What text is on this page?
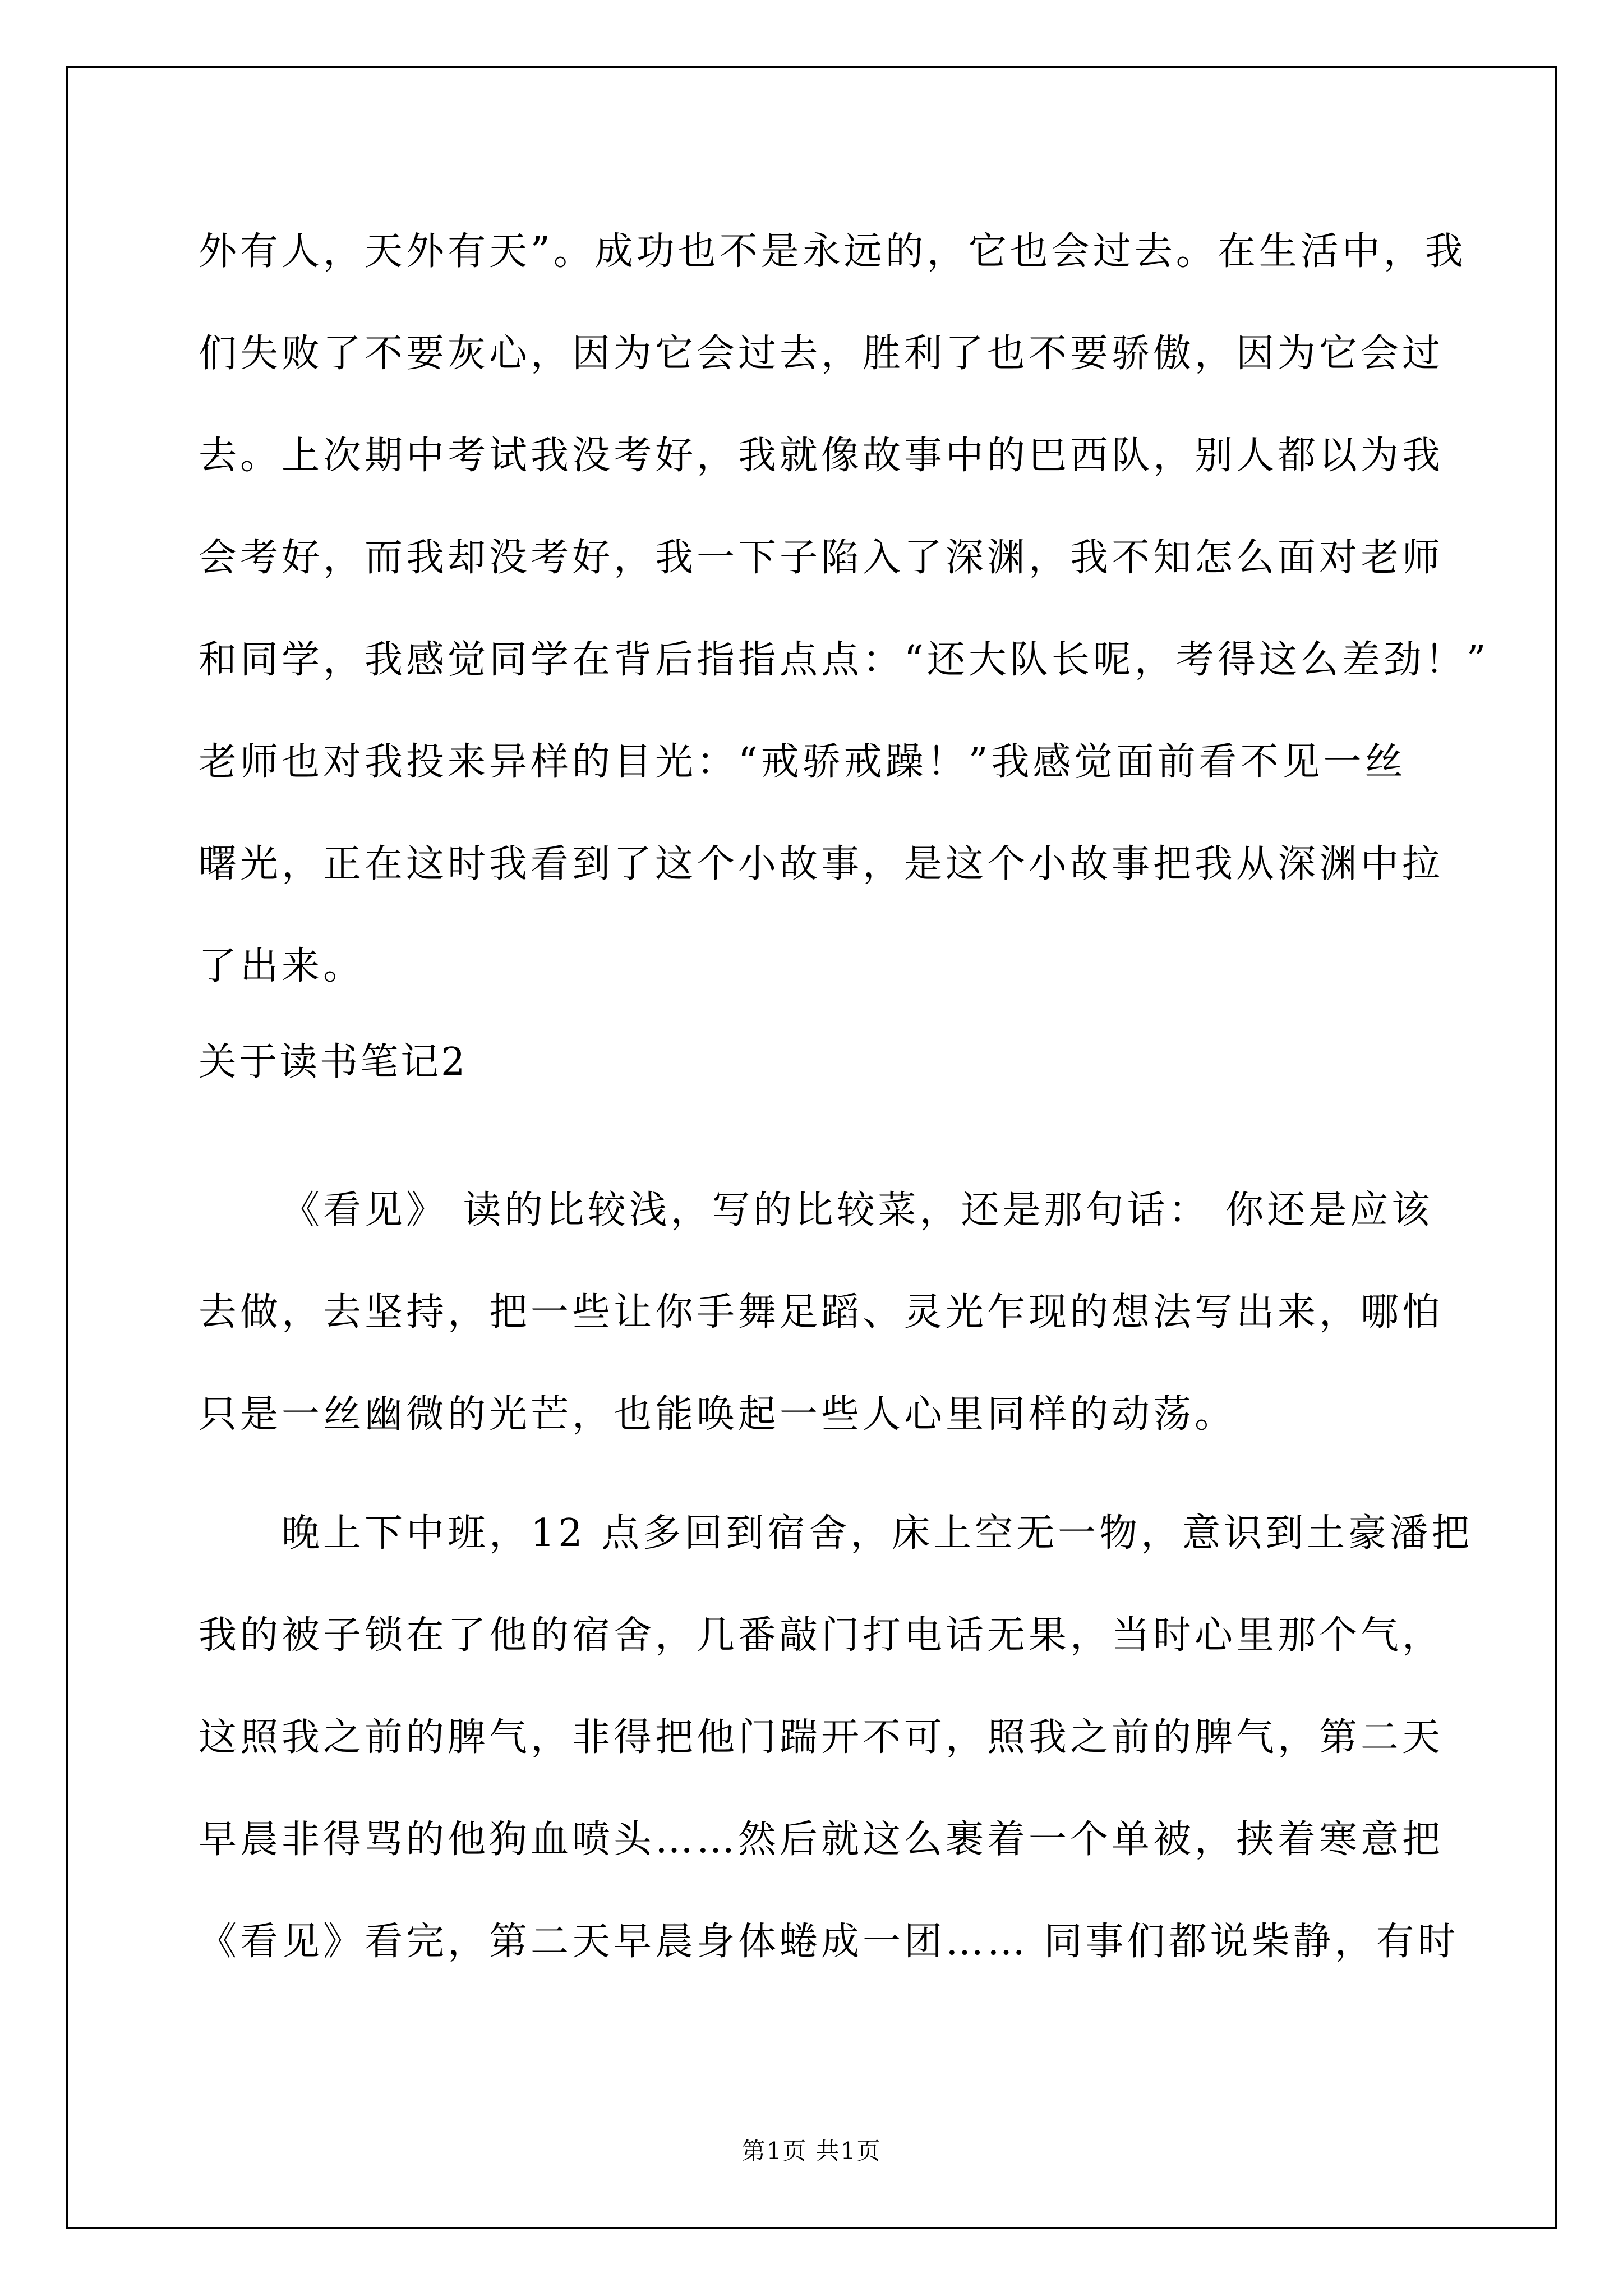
外有人，天外有天”。成功也不是永远的，它也会过去。在生活中，我
们失败了不要灰心，因为它会过去，胜利了也不要骄傲，因为它会过
去。上次期中考试我没考好，我就像故事中的巴西队，别人都以为我
会考好，而我却没考好，我一下子陷入了深渊，我不知怎么面对老师
和同学，我感觉同学在背后指指点点：“还大队长呢，考得这么差劲！”
老师也对我投来异样的目光：“戒骄戒躁！”我感觉面前看不见一丝
曙光，正在这时我看到了这个小故事，是这个小故事把我从深渊中拉
了出来。
关于读书笔记2
《看见》 读的比较浅，写的比较菜，还是那句话： 你还是应该
去做，去坚持，把一些让你手舞足蹈、灵光乍现的想法写出来，哪怕
只是一丝幽微的光芒，也能唤起一些人心里同样的动荡。
晚上下中班，12 点多回到宿舍，床上空无一物，意识到土豪潘把
我的被子锁在了他的宿舍，几番敲门打电话无果，当时心里那个气，
这照我之前的脾气，非得把他门踹开不可，照我之前的脾气，第二天
早晨非得骂的他狗血喷头……然后就这么裹着一个单被，挟着寒意把
《看见》看完，第二天早晨身体蜷成一团…… 同事们都说柴静，有时
第1页 共1页
